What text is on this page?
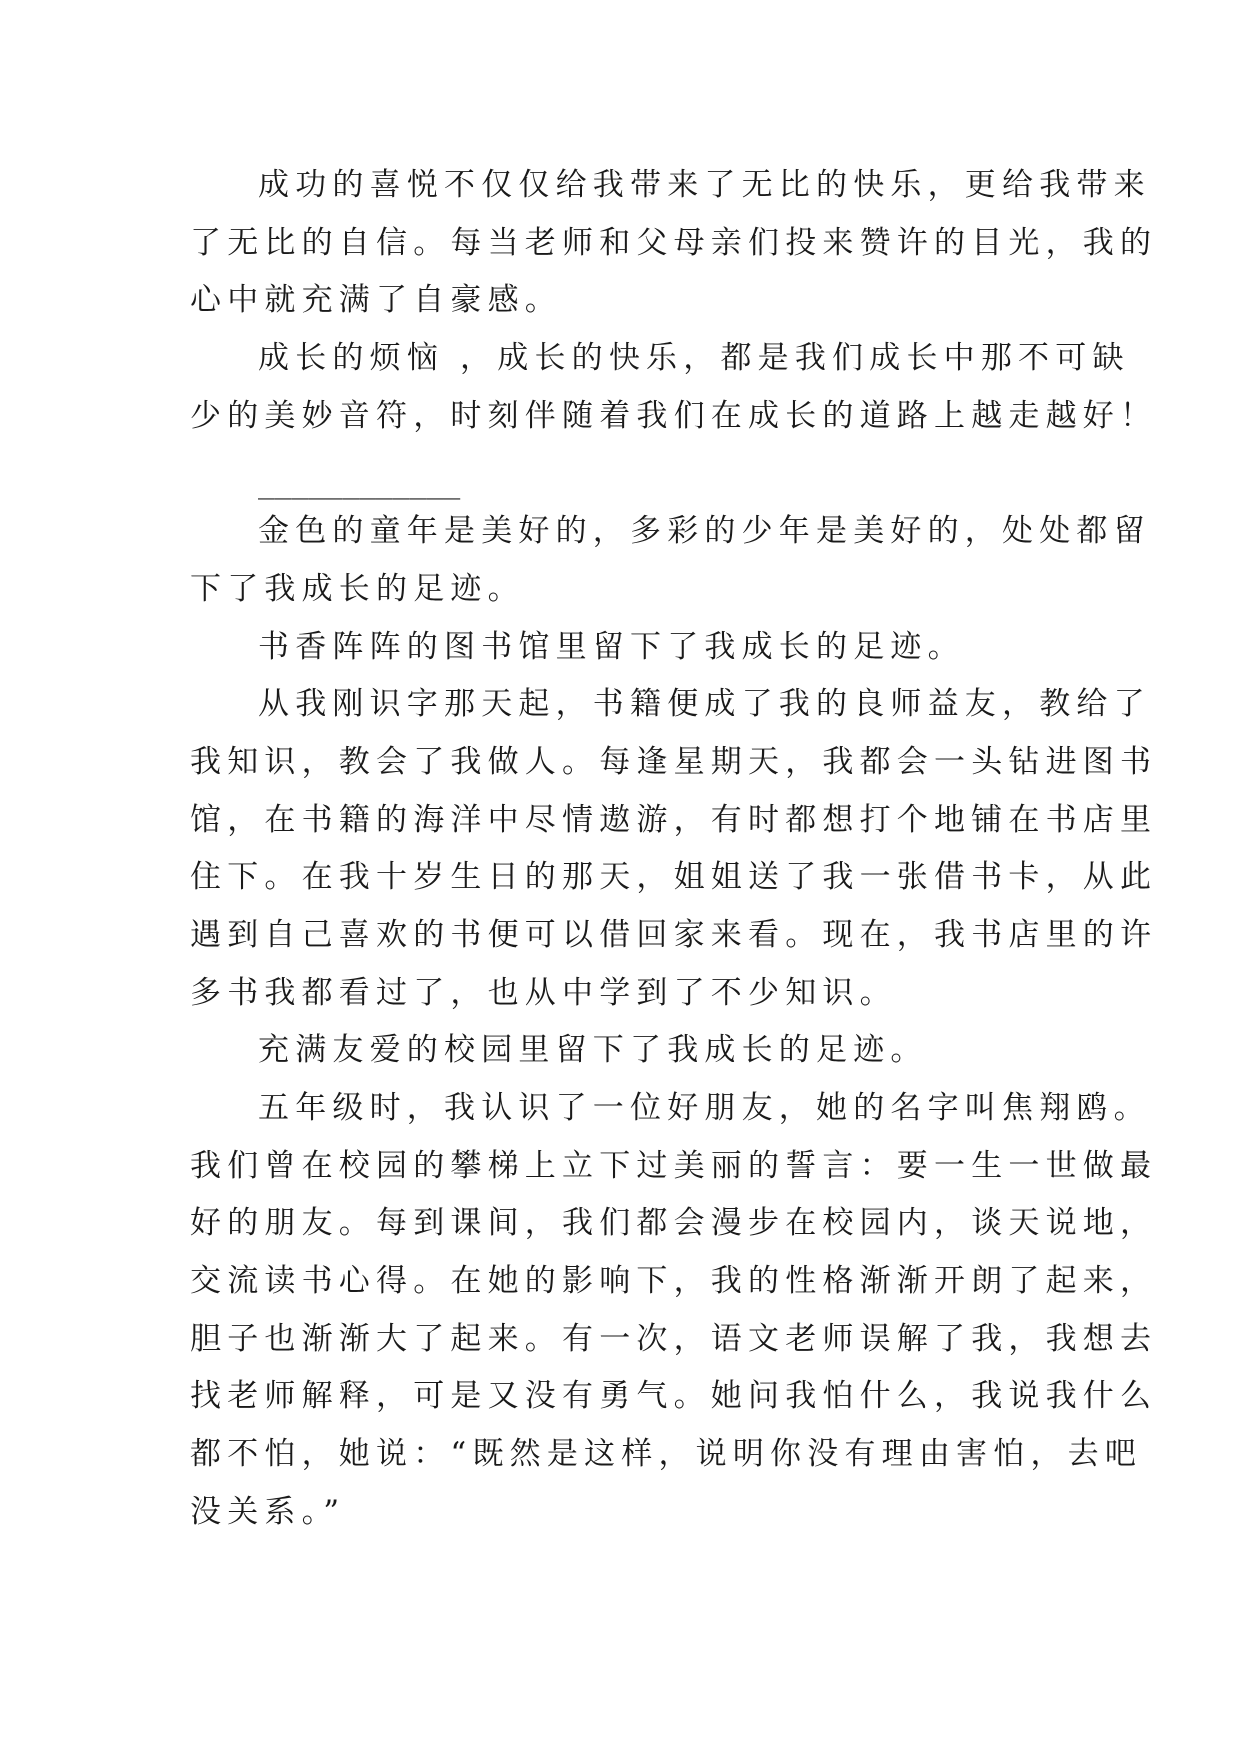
成功的喜悦不仅仅给我带来了无比的快乐，更给我带来
了无比的自信。每当老师和父母亲们投来赞许的目光，我的
心中就充满了自豪感。
成长的烦恼 ，成长的快乐，都是我们成长中那不可缺
少的美妙音符，时刻伴随着我们在成长的道路上越走越好！
金色的童年是美好的，多彩的少年是美好的，处处都留
下了我成长的足迹。
书香阵阵的图书馆里留下了我成长的足迹。
从我刚识字那天起，书籍便成了我的良师益友，教给了
我知识，教会了我做人。每逢星期天，我都会一头钻进图书
馆，在书籍的海洋中尽情遨游，有时都想打个地铺在书店里
住下。在我十岁生日的那天，姐姐送了我一张借书卡，从此
遇到自己喜欢的书便可以借回家来看。现在，我书店里的许
多书我都看过了，也从中学到了不少知识。
充满友爱的校园里留下了我成长的足迹。
五年级时，我认识了一位好朋友，她的名字叫焦翔鸥。
我们曾在校园的攀梯上立下过美丽的誓言：要一生一世做最
好的朋友。每到课间，我们都会漫步在校园内，谈天说地，
交流读书心得。在她的影响下，我的性格渐渐开朗了起来，
胆子也渐渐大了起来。有一次，语文老师误解了我，我想去
找老师解释，可是又没有勇气。她问我怕什么，我说我什么
都不怕，她说：“既然是这样，说明你没有理由害怕，去吧
没关系。”
____________
